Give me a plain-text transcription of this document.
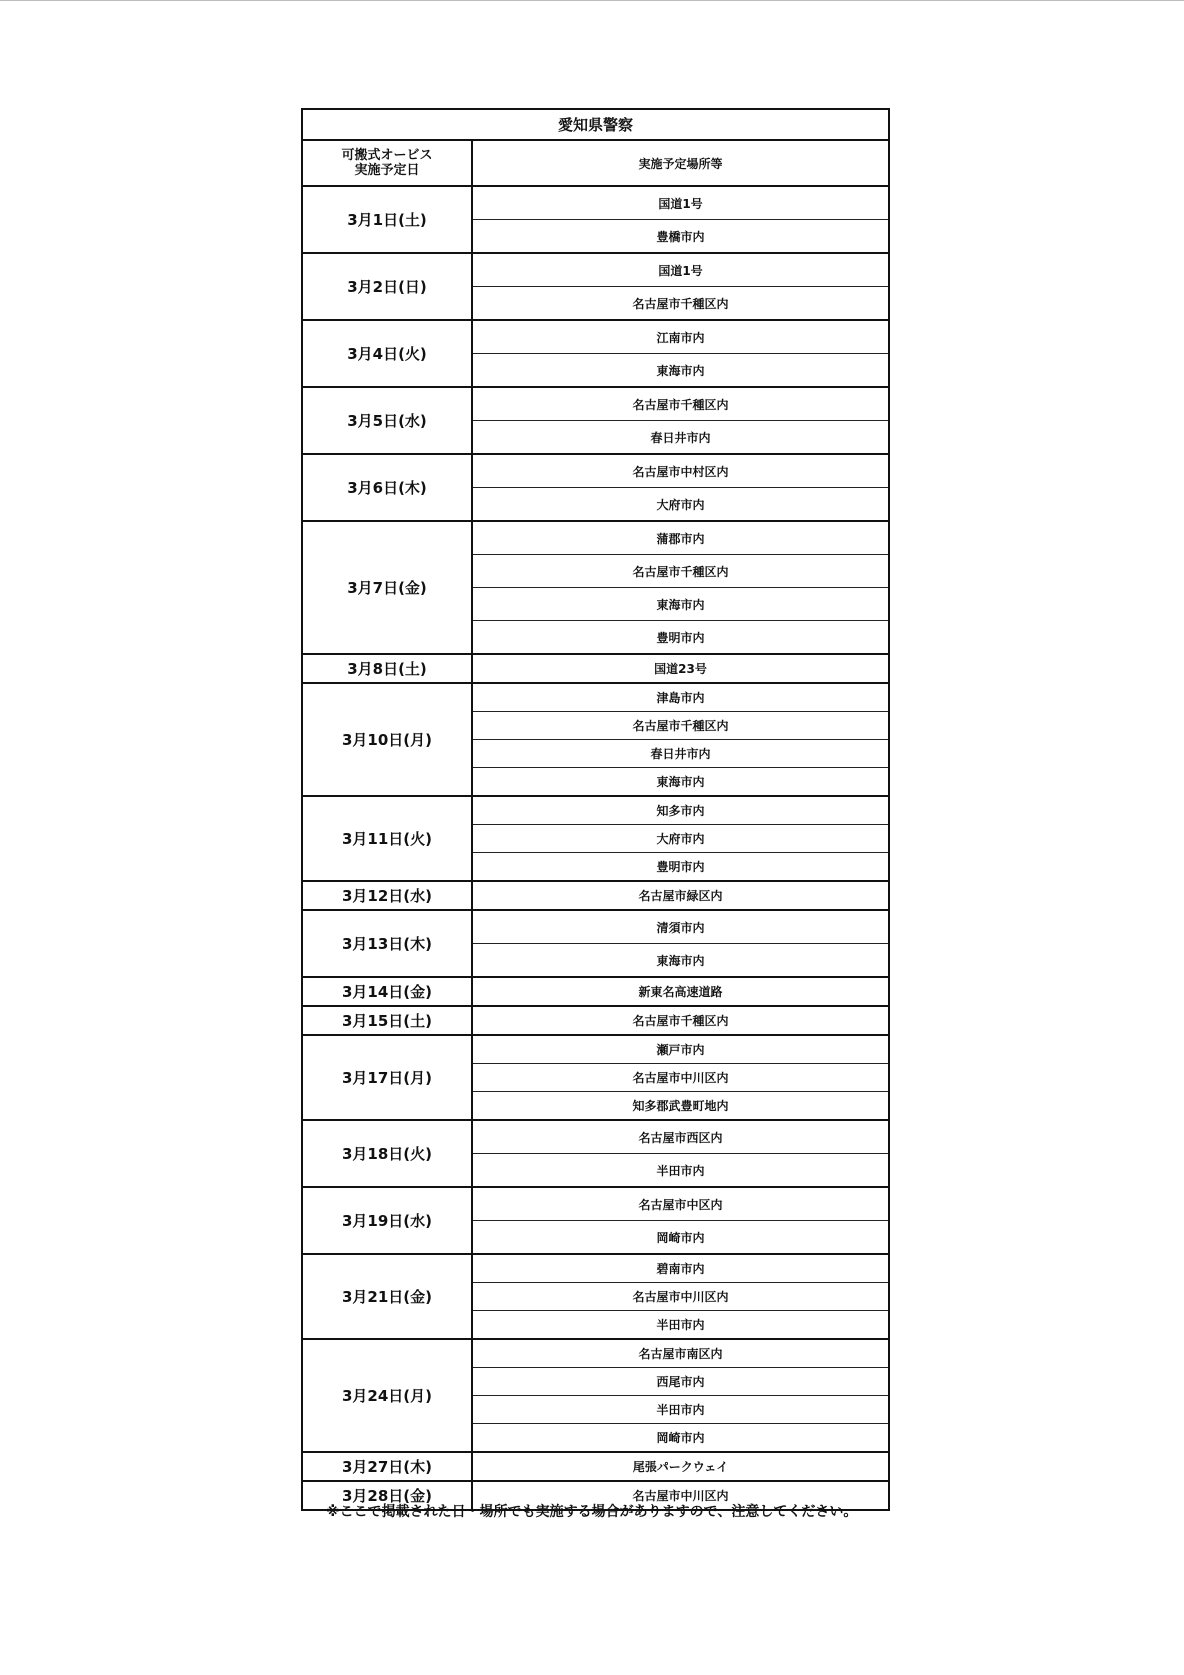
愛知県警察	
可搬式オービス
実施予定日	実施予定場所等
3月1日(土)	国道1号
	豊橋市内
3月2日(日)	国道1号
	名古屋市千種区内
3月4日(火)	江南市内
	東海市内
3月5日(水)	名古屋市千種区内
	春日井市内
3月6日(木)	名古屋市中村区内
	大府市内
3月7日(金)	蒲郡市内
	名古屋市千種区内
	東海市内
	豊明市内
3月8日(土)	国道23号
3月10日(月)	津島市内
	名古屋市千種区内
	春日井市内
	東海市内
3月11日(火)	知多市内
	大府市内
	豊明市内
3月12日(水)	名古屋市緑区内
3月13日(木)	清須市内
	東海市内
3月14日(金)	新東名高速道路
3月15日(土)	名古屋市千種区内
3月17日(月)	瀬戸市内
	名古屋市中川区内
	知多郡武豊町地内
3月18日(火)	名古屋市西区内
	半田市内
3月19日(水)	名古屋市中区内
	岡崎市内
3月21日(金)	碧南市内
	名古屋市中川区内
	半田市内
3月24日(月)	名古屋市南区内
	西尾市内
	半田市内
	岡崎市内
3月27日(木)	尾張パークウェイ
3月28日(金)	名古屋市中川区内
※ここで掲載された日・場所でも実施する場合がありますので、注意してください。
